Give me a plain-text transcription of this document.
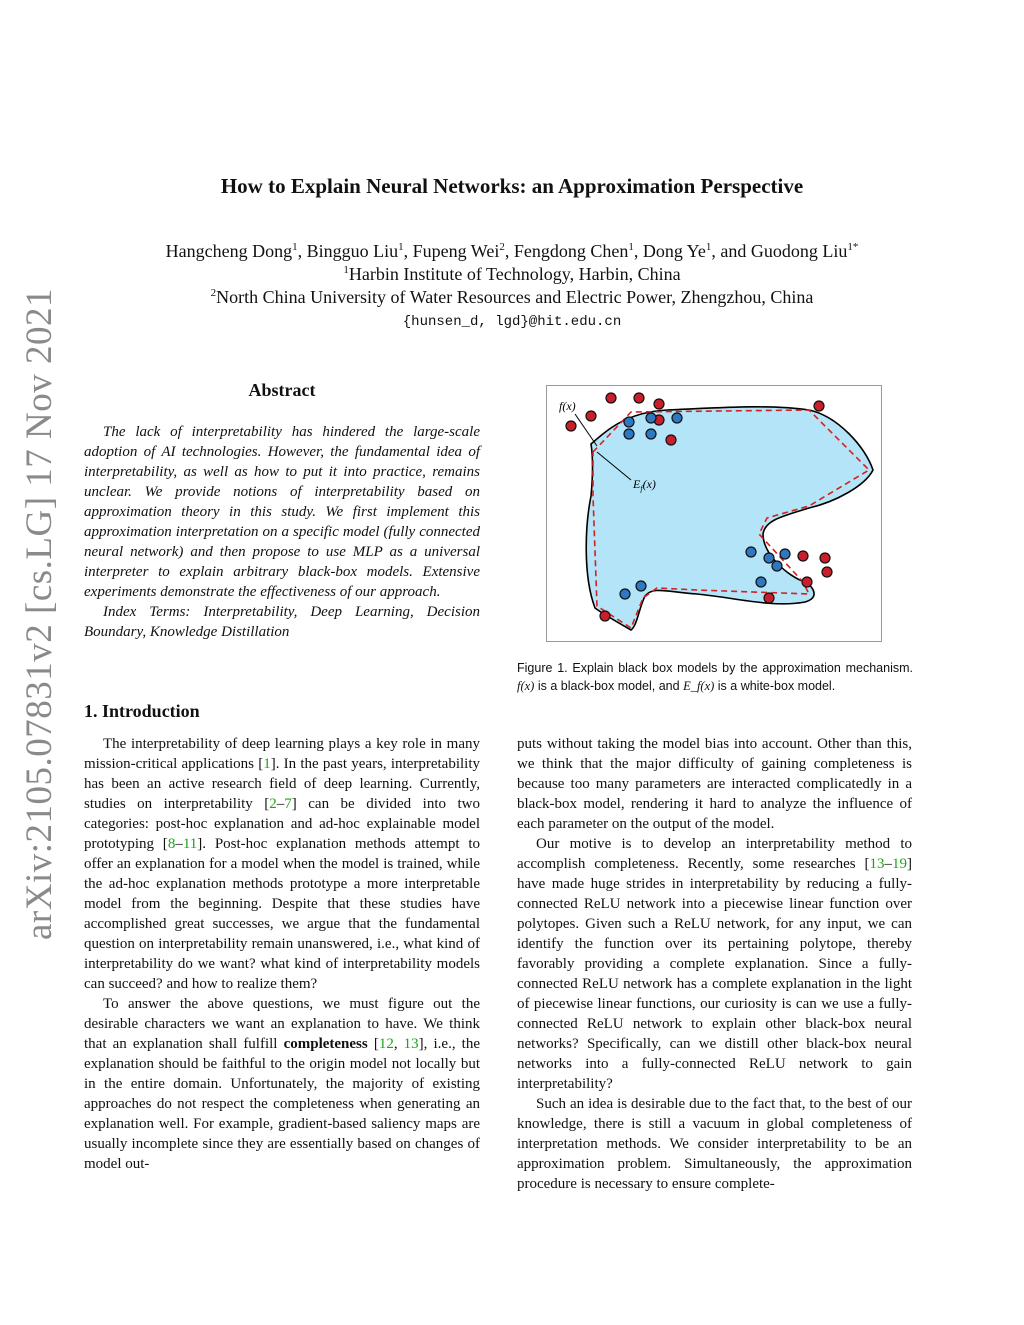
arXiv:2105.07831v2 [cs.LG] 17 Nov 2021
How to Explain Neural Networks: an Approximation Perspective
Hangcheng Dong$^1$, Bingguo Liu$^1$, Fupeng Wei$^2$, Fengdong Chen$^1$, Dong Ye$^1$, and Guodong Liu$^{1*}$
$^1$Harbin Institute of Technology, Harbin, China
$^2$North China University of Water Resources and Electric Power, Zhengzhou, China
{hunsen_d, lgd}@hit.edu.cn
Abstract

The lack of interpretability has hindered the large-scale adoption of AI technologies. However, the fundamental idea of interpretability, as well as how to put it into practice, remains unclear. We provide notions of interpretability based on approximation theory in this study. We first implement this approximation interpretation on a specific model (fully connected neural network) and then propose to use MLP as a universal interpreter to explain arbitrary black-box models. Extensive experiments demonstrate the effectiveness of our approach.

Index Terms: Interpretability, Deep Learning, Decision Boundary, Knowledge Distillation

1. Introduction

The interpretability of deep learning plays a key role in many mission-critical applications [1]. In the past years, interpretability has been an active research field of deep learning. Currently, studies on interpretability [2–7] can be divided into two categories: post-hoc explanation and ad-hoc explainable model prototyping [8–11]. Post-hoc explanation methods attempt to offer an explanation for a model when the model is trained, while the ad-hoc explanation methods prototype a more interpretable model from the beginning. Despite that these studies have accomplished great successes, we argue that the fundamental question on interpretability remain unanswered, i.e., what kind of interpretability do we want? what kind of interpretability models can succeed? and how to realize them?

To answer the above questions, we must figure out the desirable characters we want an explanation to have. We think that an explanation shall fulfill completeness [12, 13], i.e., the explanation should be faithful to the origin model not locally but in the entire domain. Unfortunately, the majority of existing approaches do not respect the completeness when generating an explanation well. For example, gradient-based saliency maps are usually incomplete since they are essentially based on changes of model out-

f(x)
$E_f(x)$
Figure 1. Explain black box models by the approximation mechanism. f(x) is a black-box model, and E_f(x) is a white-box model.

puts without taking the model bias into account. Other than this, we think that the major difficulty of gaining completeness is because too many parameters are interacted complicatedly in a black-box model, rendering it hard to analyze the influence of each parameter on the output of the model.

Our motive is to develop an interpretability method to accomplish completeness. Recently, some researches [13–19] have made huge strides in interpretability by reducing a fully-connected ReLU network into a piecewise linear function over polytopes. Given such a ReLU network, for any input, we can identify the function over its pertaining polytope, thereby favorably providing a complete explanation. Since a fully-connected ReLU network has a complete explanation in the light of piecewise linear functions, our curiosity is can we use a fully-connected ReLU network to explain other black-box neural networks? Specifically, can we distill other black-box neural networks into a fully-connected ReLU network to gain interpretability?

Such an idea is desirable due to the fact that, to the best of our knowledge, there is still a vacuum in global completeness of interpretation methods. We consider interpretability to be an approximation problem. Simultaneously, the approximation procedure is necessary to ensure complete-
